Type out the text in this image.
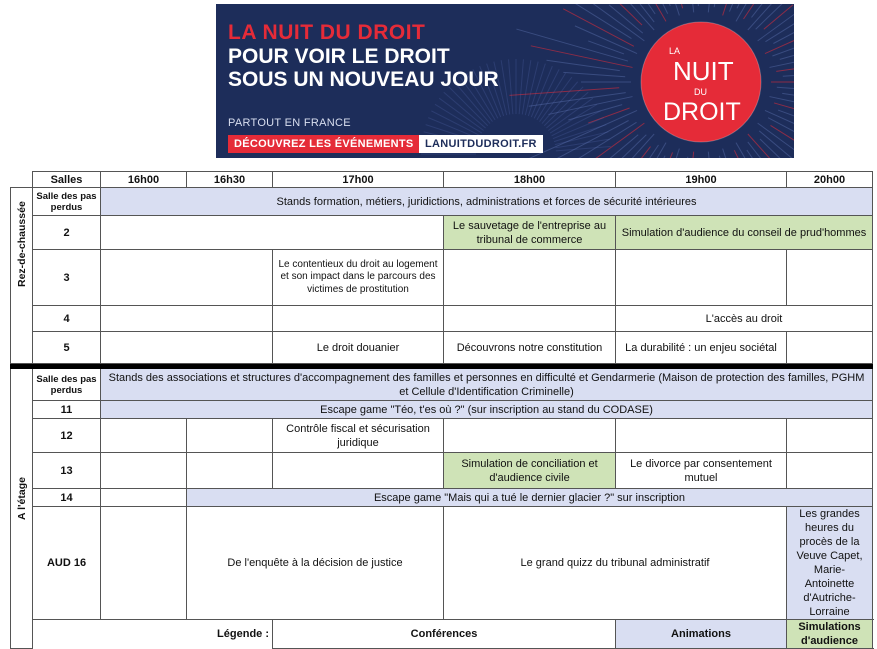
LA NUIT DU DROIT
POUR VOIR LE DROIT
SOUS UN NOUVEAU JOUR
PARTOUT EN FRANCE
DÉCOUVREZ LES ÉVÉNEMENTS	LANUITDUDROIT.FR
LA
NUIT
DU
DROIT
	Salles	16h00	16h30	17h00	18h00	19h00	20h00

Rez-de-chaussée	Salle des pas perdus	Stands formation, métiers, juridictions, administrations et forces de sécurité intérieures					
	2				Le sauvetage de l'entreprise au tribunal de commerce	Simulation d'audience du conseil de prud'hommes	
	3			Le contentieux du droit au logement et son impact dans le parcours des victimes de prostitution			
	4					L'accès au droit	
	5			Le droit douanier	Découvrons notre constitution	La durabilité : un enjeu sociétal	

A l'étage	Salle des pas perdus	Stands des associations et structures d'accompagnement des familles et personnes en difficulté et Gendarmerie (Maison de protection des familles, PGHM et Cellule d'Identification Criminelle)					
	11	Escape game "Téo, t'es où ?" (sur inscription au stand du CODASE)					
	12			Contrôle fiscal et sécurisation juridique			
	13				Simulation de conciliation et d'audience civile	Le divorce par consentement mutuel	
	14		Escape game "Mais qui a tué le dernier glacier ?" sur inscription				
	AUD 16		De l'enquête à la décision de justice		Le grand quizz du tribunal administratif		Les grandes heures du procès de la Veuve Capet, Marie-Antoinette d'Autriche-Lorraine
		Légende :		Conférences		Animations	Simulations d'audience
